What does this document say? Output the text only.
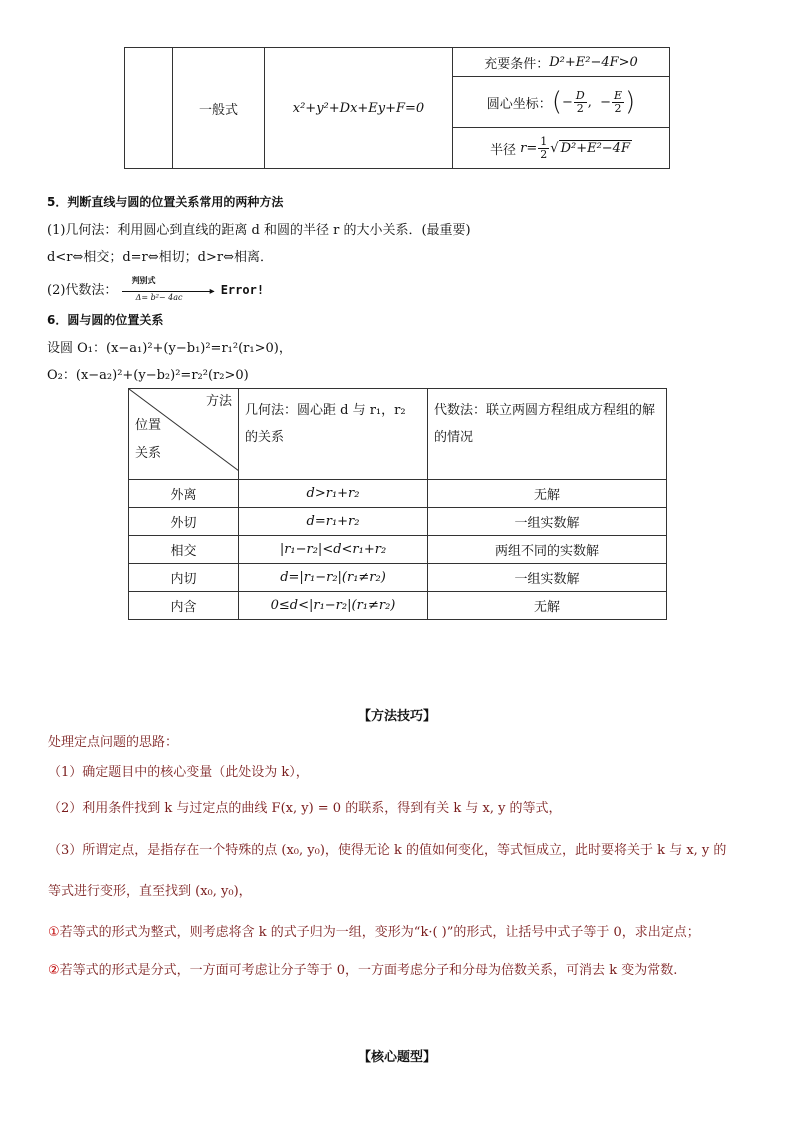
	一般式	x²+y²+Dx+Ey+F=0	
充要条件： D²+E²−4F>0
圆心坐标： ( − $\frac{D}{2}$ ,  − $\frac{E}{2}$ )
半径
$r= \frac{1}{2}$ √ D²+E²−4F
5．判断直线与圆的位置关系常用的两种方法
(1)几何法：利用圆心到直线的距离 d 和圆的半径 r 的大小关系．(最重要)
d<r⇔相交；d=r⇔相切；d>r⇔相离．
(2)代数法：
判别式
▸
Δ= b²− 4ac	Error!
6．圆与圆的位置关系
设圆 O₁：(x−a₁)²+(y−b₁)²=r₁²(r₁>0)，
O₂：(x−a₂)²+(y−b₂)²=r₂²(r₂>0)
方法
位置
关系	几何法：圆心距 d 与 r₁，r₂ 的关系	代数法：联立两圆方程组成方程组的解的情况
外离	d>r₁+r₂	无解
外切	d=r₁+r₂	一组实数解
相交	|r₁−r₂|<d<r₁+r₂	两组不同的实数解
内切	d=|r₁−r₂|(r₁≠r₂)	一组实数解
内含	0≤d<|r₁−r₂|(r₁≠r₂)	无解
【方法技巧】
处理定点问题的思路：
（1）确定题目中的核心变量（此处设为 k），
（2）利用条件找到 k 与过定点的曲线 F(x, y) = 0 的联系，得到有关 k 与 x, y 的等式，
（3）所谓定点，是指存在一个特殊的点 (x₀, y₀)，使得无论 k 的值如何变化，等式恒成立，此时要将关于 k 与 x, y 的
等式进行变形，直至找到 (x₀, y₀)，
①若等式的形式为整式，则考虑将含 k 的式子归为一组，变形为“k·( )”的形式，让括号中式子等于 0，求出定点；
②若等式的形式是分式，一方面可考虑让分子等于 0，一方面考虑分子和分母为倍数关系，可消去 k 变为常数.
【核心题型】
